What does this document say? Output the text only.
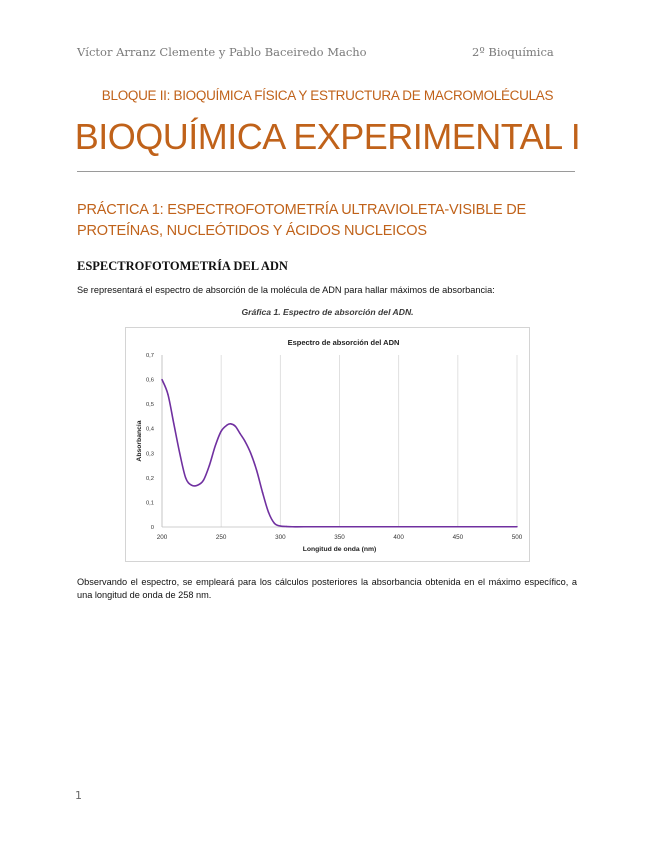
Víctor Arranz Clemente y Pablo Baceiredo Macho	2º Bioquímica
BLOQUE II: BIOQUÍMICA FÍSICA Y ESTRUCTURA DE MACROMOLÉCULAS
BIOQUÍMICA EXPERIMENTAL I
PRÁCTICA 1: ESPECTROFOTOMETRÍA ULTRAVIOLETA-VISIBLE DE PROTEÍNAS, NUCLEÓTIDOS Y ÁCIDOS NUCLEICOS
ESPECTROFOTOMETRÍA DEL ADN
Se representará el espectro de absorción de la molécula de ADN para hallar máximos de absorbancia:
Gráfica 1. Espectro de absorción del ADN.
Espectro de absorción del ADN
200	250	300	350	400	450	500
0
0,1
0,2
0,3
0,4
0,5
0,6
0,7
Longitud de onda (nm)
Absorbancia
Observando el espectro, se empleará para los cálculos posteriores la absorbancia obtenida en el máximo específico, a una longitud de onda de 258 nm.
1
